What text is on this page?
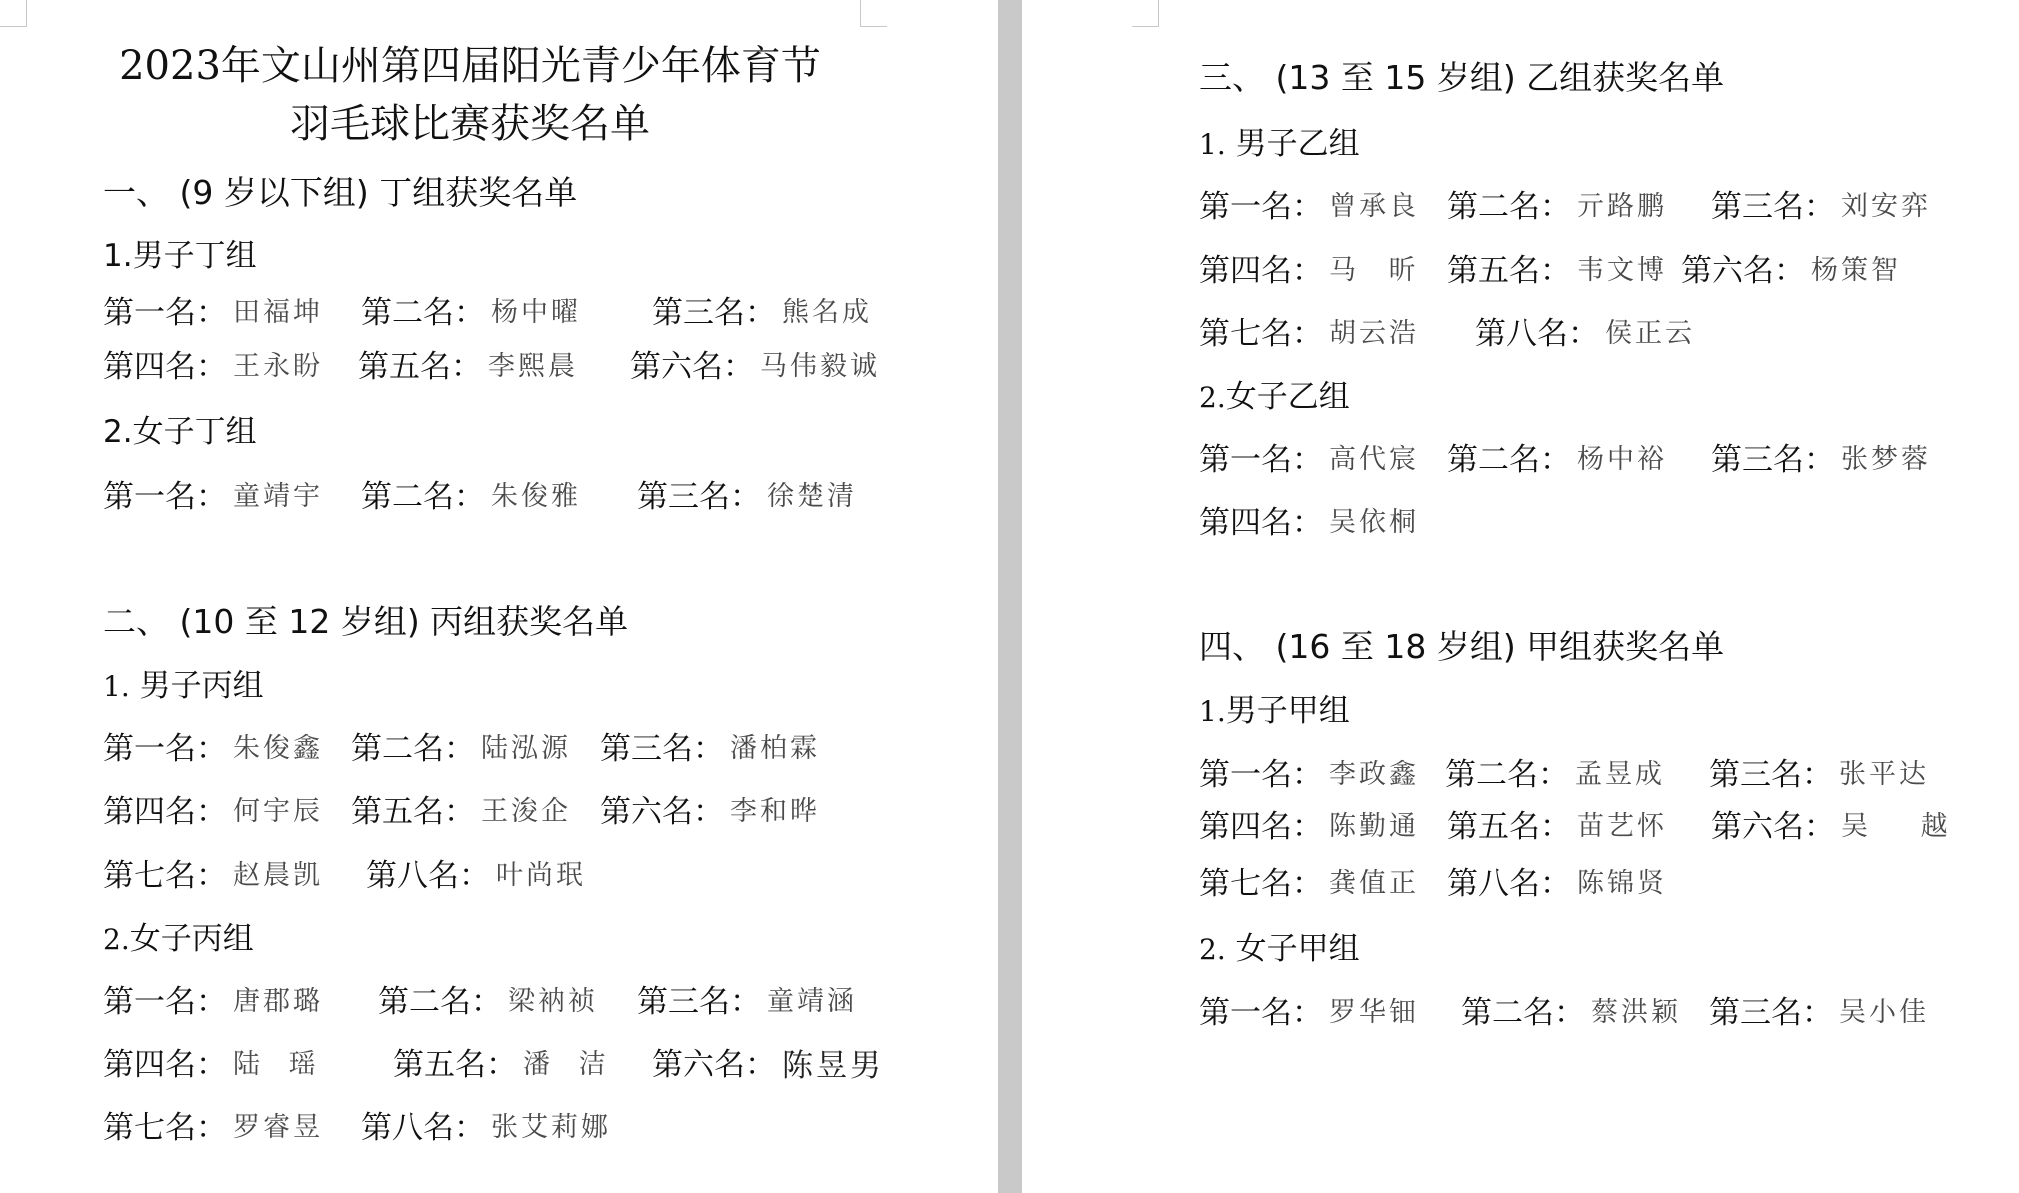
2023年文山州第四届阳光青少年体育节
羽毛球比赛获奖名单
一、 (9 岁以下组) 丁组获奖名单
1.男子丁组
第一名： 田福坤 第二名： 杨中曜 第三名： 熊名成
第四名： 王永盼 第五名： 李熙晨 第六名： 马伟毅诚
2.女子丁组
第一名： 童靖宇 第二名： 朱俊雅 第三名： 徐楚清
二、 (10 至 12 岁组) 丙组获奖名单
1. 男子丙组
第一名： 朱俊鑫 第二名： 陆泓源 第三名： 潘柏霖
第四名： 何宇辰 第五名： 王浚企 第六名： 李和晔
第七名： 赵晨凯 第八名： 叶尚珉
2.女子丙组
第一名： 唐郡璐 第二名： 梁衲祯 第三名： 童靖涵
第四名： 陆 瑶 第五名： 潘 洁 第六名： 陈昱男
第七名： 罗睿昱 第八名： 张艾莉娜
三、 (13 至 15 岁组) 乙组获奖名单
1. 男子乙组
第一名： 曾承良 第二名： 亓路鹏 第三名： 刘安弈
第四名： 马 昕 第五名： 韦文博 第六名： 杨策智
第七名： 胡云浩 第八名： 侯正云
2.女子乙组
第一名： 高代宸 第二名： 杨中裕 第三名： 张梦蓉
第四名： 吴依桐
四、 (16 至 18 岁组) 甲组获奖名单
1.男子甲组
第一名： 李政鑫 第二名： 孟昱成 第三名： 张平达
第四名： 陈勤通 第五名： 苗艺怀 第六名： 吴 越
第七名： 龚值正 第八名： 陈锦贤
2. 女子甲组
第一名： 罗华钿 第二名： 蔡洪颖 第三名： 吴小佳
